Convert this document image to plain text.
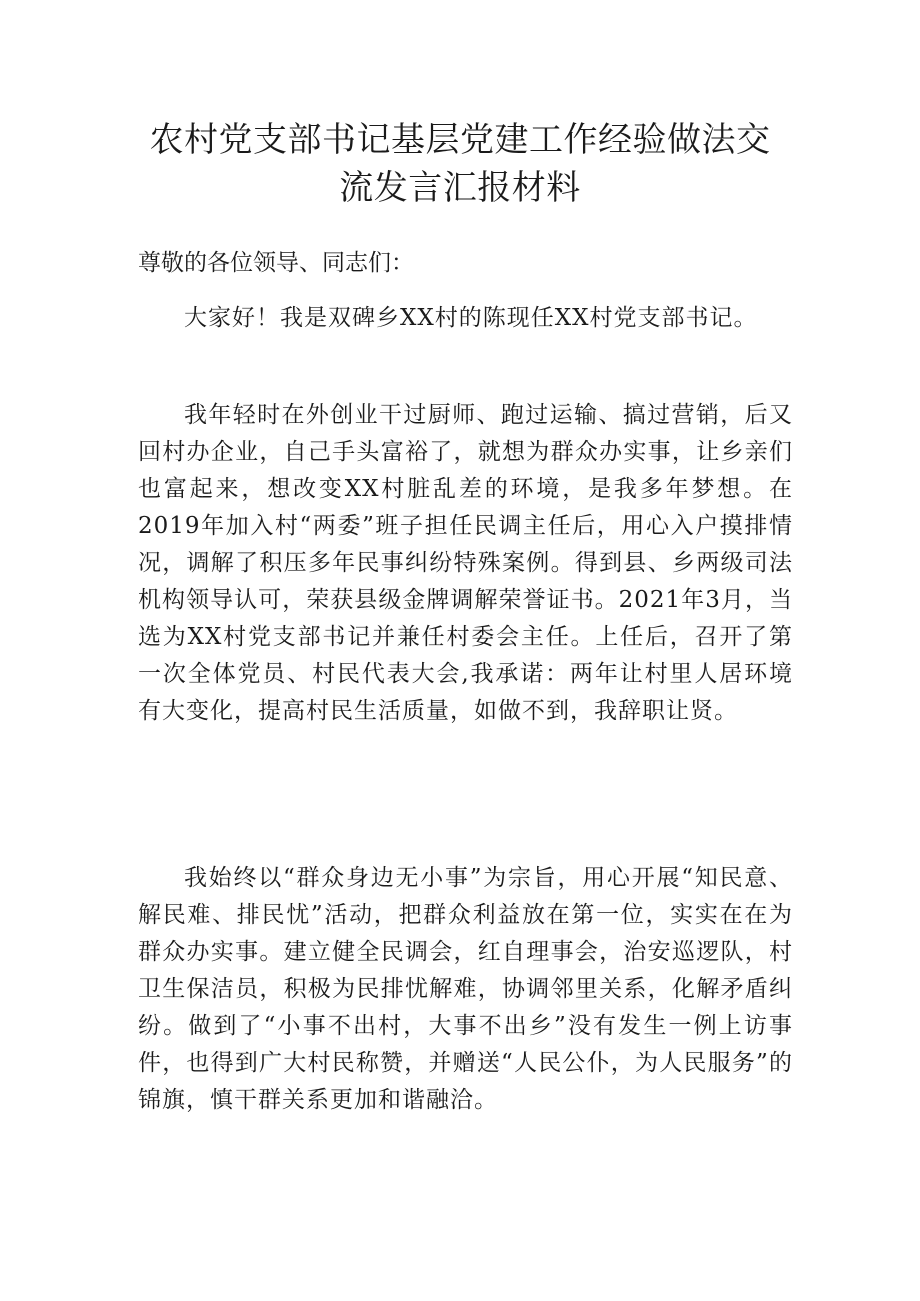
农村党支部书记基层党建工作经验做法交
流发言汇报材料

尊敬的各位领导、同志们：

大家好！我是双碑乡XX村的陈现任XX村党支部书记。

我年轻时在外创业干过厨师、跑过运输、搞过营销，后又回村办企业，自己手头富裕了，就想为群众办实事，让乡亲们也富起来，想改变XX村脏乱差的环境，是我多年梦想。在2019年加入村“两委”班子担任民调主任后，用心入户摸排情况，调解了积压多年民事纠纷特殊案例。得到县、乡两级司法机构领导认可，荣获县级金牌调解荣誉证书。2021年3月，当选为XX村党支部书记并兼任村委会主任。上任后，召开了第一次全体党员、村民代表大会,我承诺：两年让村里人居环境有大变化，提高村民生活质量，如做不到，我辞职让贤。

我始终以“群众身边无小事”为宗旨，用心开展“知民意、解民难、排民忧”活动，把群众利益放在第一位，实实在在为群众办实事。建立健全民调会，红自理事会，治安巡逻队，村卫生保洁员，积极为民排忧解难，协调邻里关系，化解矛盾纠纷。做到了“小事不出村，大事不出乡”没有发生一例上访事件，也得到广大村民称赞，并赠送“人民公仆，为人民服务”的锦旗，慎干群关系更加和谐融洽。
